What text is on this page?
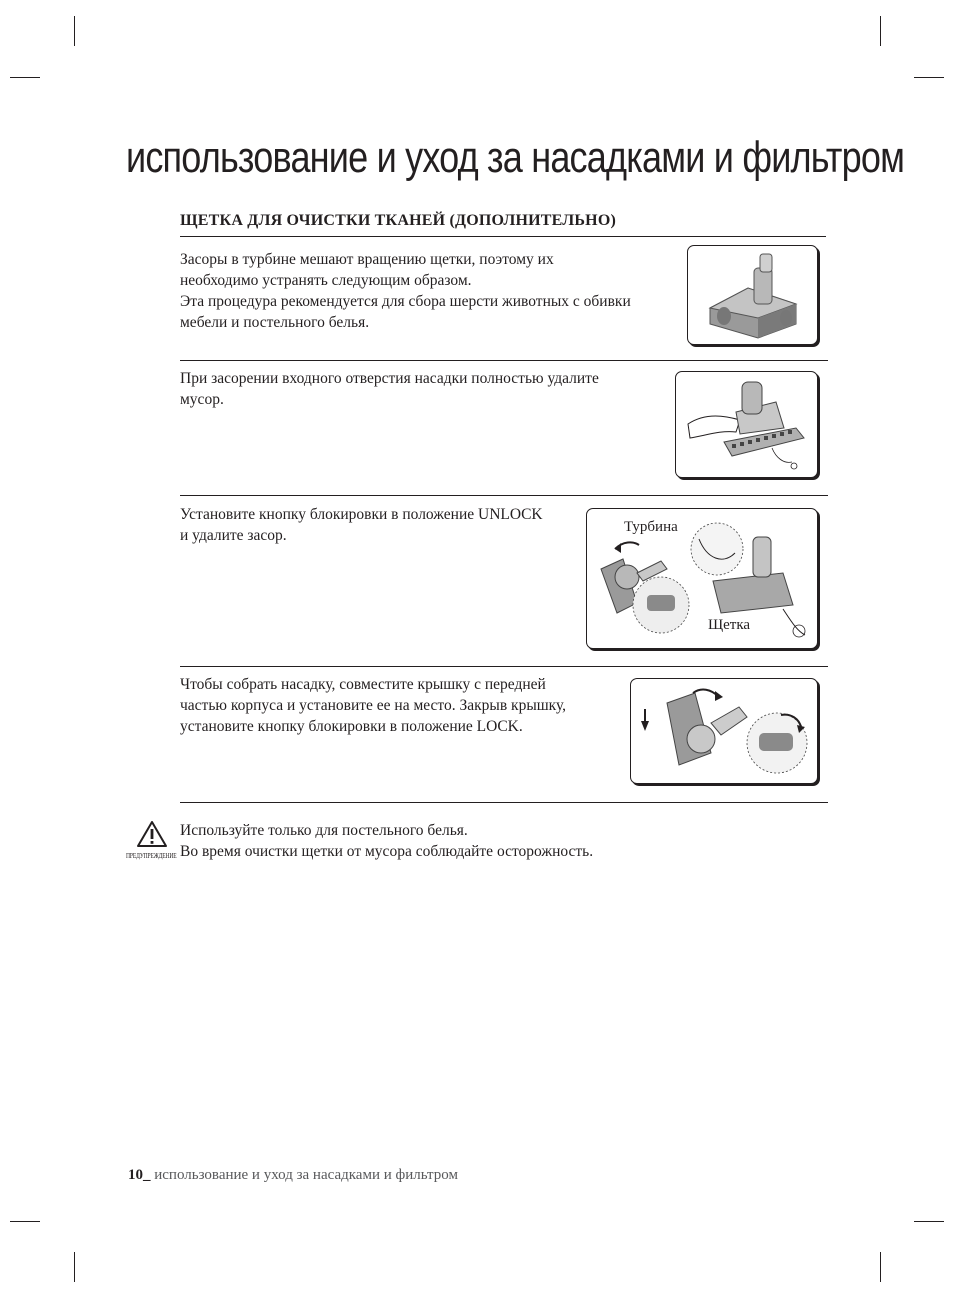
использование и уход за насадками и фильтром
ЩЕТКА ДЛЯ ОЧИСТКИ ТКАНЕЙ (ДОПОЛНИТЕЛЬНО)
Засоры в турбине мешают вращению щетки, поэтому их
необходимо устранять следующим образом.
Эта процедура рекомендуется для сбора шерсти животных с обивки
мебели и постельного белья.
При засорении входного отверстия насадки полностью удалите
мусор.
Установите кнопку блокировки в положение UNLOCK
и удалите засор.	Турбина
Щетка
Чтобы собрать насадку, совместите крышку с передней
частью корпуса и установите ее на место. Закрыв крышку,
установите кнопку блокировки в положение LOCK.
ПРЕДУПРЕЖДЕНИЕ
Используйте только для постельного белья.
Во время очистки щетки от мусора соблюдайте осторожность.
10_ использование и уход за насадками и фильтром
